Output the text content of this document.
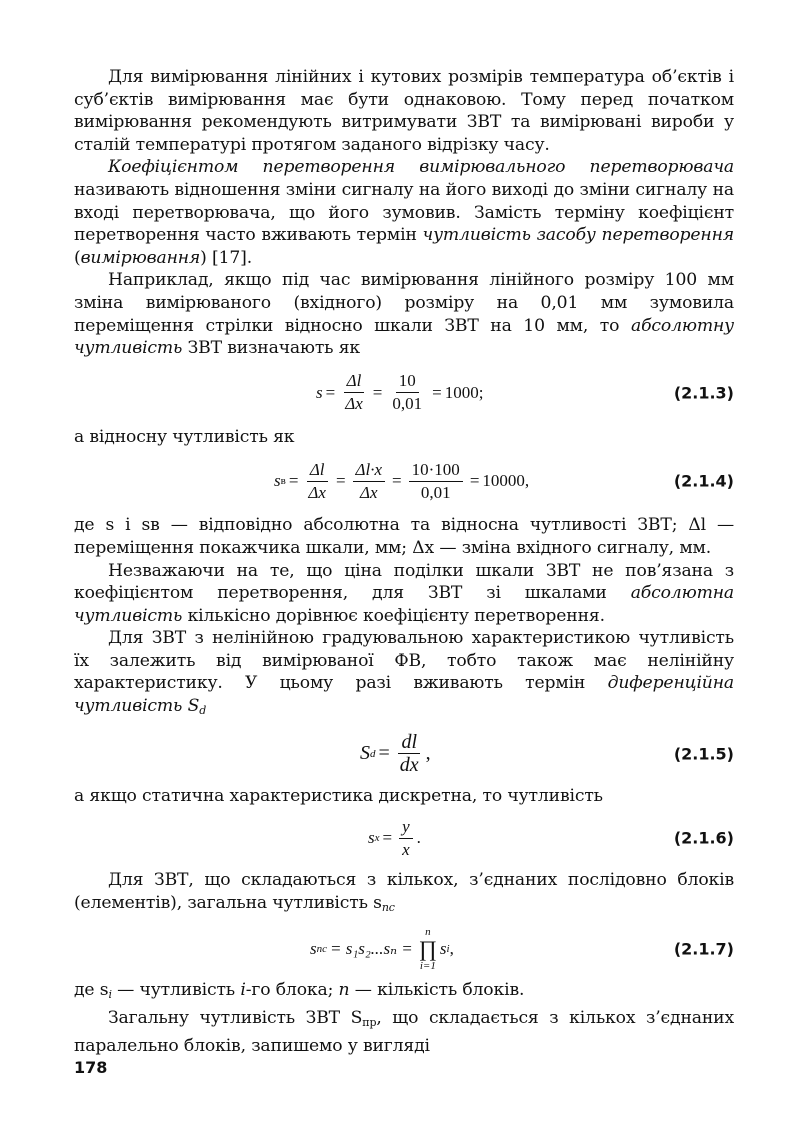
Для вимірювання лінійних і кутових розмірів температура об’єктів і суб’єктів вимірювання має бути однаковою. Тому перед початком вимірювання рекомендують витримувати ЗВТ та вимірювані вироби у сталій температурі протягом заданого відрізку часу.

Коефіцієнтом перетворення вимірювального перетворювача називають відношення зміни сигналу на його виході до зміни сигналу на вході перетворювача, що його зумовив. Замість терміну коефіцієнт перетворення часто вживають термін чутливість засобу перетворення (вимірювання) [17].

Наприклад, якщо під час вимірювання лінійного розміру 100 мм зміна вимірюваного (вхідного) розміру на 0,01 мм зумовила переміщення стрілки відносно шкали ЗВТ на 10 мм, то абсолютну чутливість ЗВТ визначають як

$s = \frac{\Delta l}{\Delta x} = \frac{10}{0,01} = 1000$;	(2.1.3)

а відносну чутливість як

s $в = \frac{\Delta l}{\Delta x} = \frac{\Delta l\cdot x}{\Delta x} = \frac{10\cdot 100}{0,01} = 10000$,	(2.1.4)

де s і sв — відповідно абсолютна та відносна чутливості ЗВТ; Δl — переміщення покажчика шкали, мм; Δx — зміна вхідного сигналу, мм.

Незважаючи на те, що ціна поділки шкали ЗВТ не пов’язана з коефіцієнтом перетворення, для ЗВТ зі шкалами абсолютна чутливість кількісно дорівнює коефіцієнту перетворення.

Для ЗВТ з нелінійною градуювальною характеристикою чутливість їх залежить від вимірюваної ФВ, тобто також має нелінійну характеристику. У цьому разі вживають термін диференційна чутливість $S_d$

S $d = \frac{dl}{dx}$ ,	(2.1.5)

а якщо статична характеристика дискретна, то чутливість

s $x = \frac{y}{x}$ .	(2.1.6)

Для ЗВТ, що складаються з кількох, з’єднаних послідовно блоків (елементів), загальна чутливість $s_{пс}$

s пс = s₁s₂...sₙ =
n
∏
i=1
s i ,	(2.1.7)

де $s_i$ — чутливість i-го блока; n — кількість блоків.

Загальну чутливість ЗВТ $S_{пр}$, що складається з кількох з’єднаних паралельно блоків, запишемо у вигляді

178
